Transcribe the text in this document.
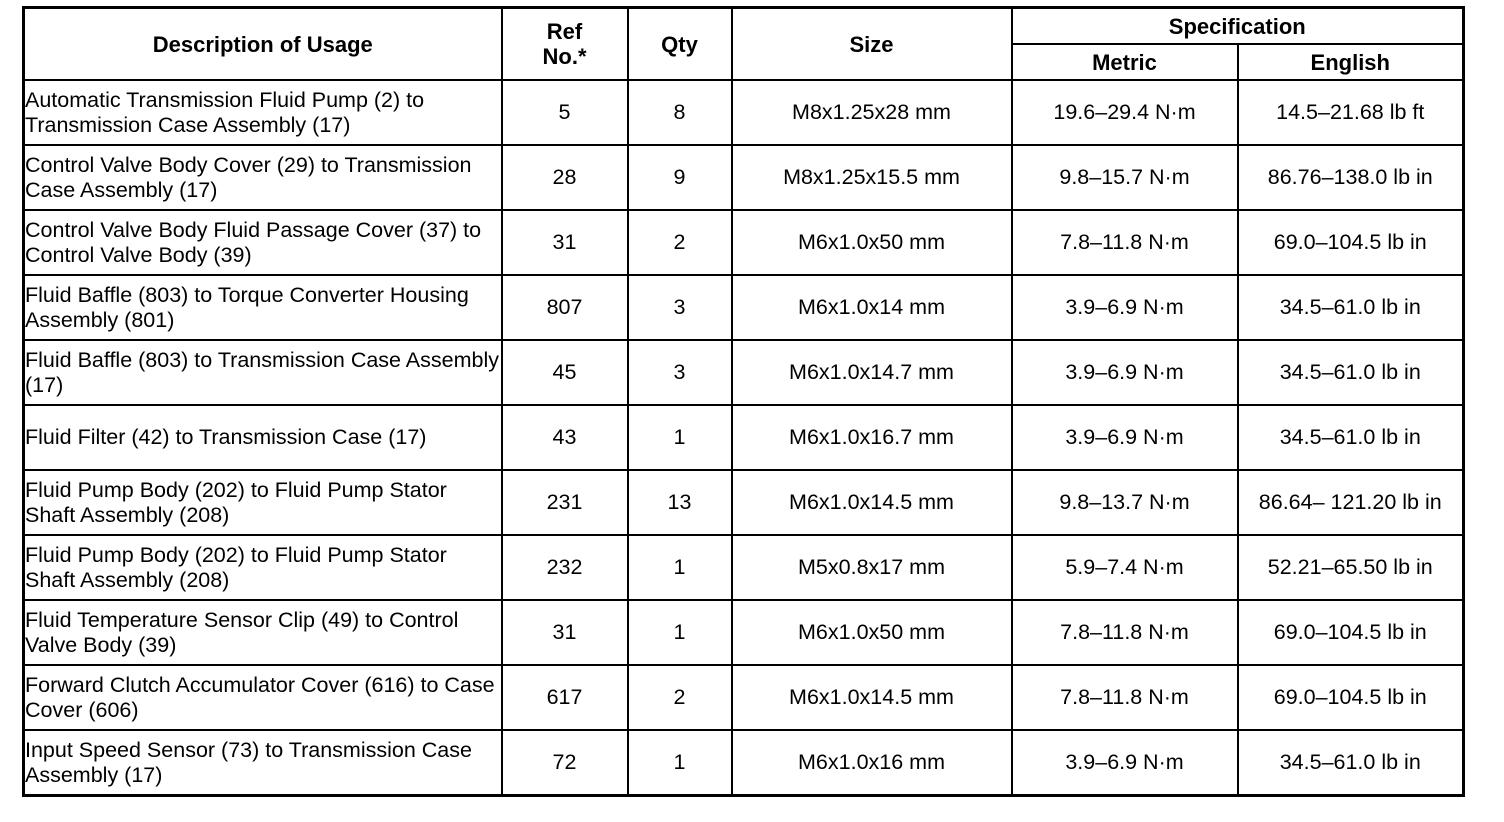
Description of Usage	Ref No.*	Qty	Size	Specification	
				Metric	English
Automatic Transmission Fluid Pump (2) to Transmission Case Assembly (17)	5	8	M8x1.25x28 mm	19.6–29.4 N·m	14.5–21.68 lb ft
Control Valve Body Cover (29) to Transmission Case Assembly (17)	28	9	M8x1.25x15.5 mm	9.8–15.7 N·m	86.76–138.0 lb in
Control Valve Body Fluid Passage Cover (37) to Control Valve Body (39)	31	2	M6x1.0x50 mm	7.8–11.8 N·m	69.0–104.5 lb in
Fluid Baffle (803) to Torque Converter Housing Assembly (801)	807	3	M6x1.0x14 mm	3.9–6.9 N·m	34.5–61.0 lb in
Fluid Baffle (803) to Transmission Case Assembly (17)	45	3	M6x1.0x14.7 mm	3.9–6.9 N·m	34.5–61.0 lb in
Fluid Filter (42) to Transmission Case (17)	43	1	M6x1.0x16.7 mm	3.9–6.9 N·m	34.5–61.0 lb in
Fluid Pump Body (202) to Fluid Pump Stator Shaft Assembly (208)	231	13	M6x1.0x14.5 mm	9.8–13.7 N·m	86.64– 121.20 lb in
Fluid Pump Body (202) to Fluid Pump Stator Shaft Assembly (208)	232	1	M5x0.8x17 mm	5.9–7.4 N·m	52.21–65.50 lb in
Fluid Temperature Sensor Clip (49) to Control Valve Body (39)	31	1	M6x1.0x50 mm	7.8–11.8 N·m	69.0–104.5 lb in
Forward Clutch Accumulator Cover (616) to Case Cover (606)	617	2	M6x1.0x14.5 mm	7.8–11.8 N·m	69.0–104.5 lb in
Input Speed Sensor (73) to Transmission Case Assembly (17)	72	1	M6x1.0x16 mm	3.9–6.9 N·m	34.5–61.0 lb in
